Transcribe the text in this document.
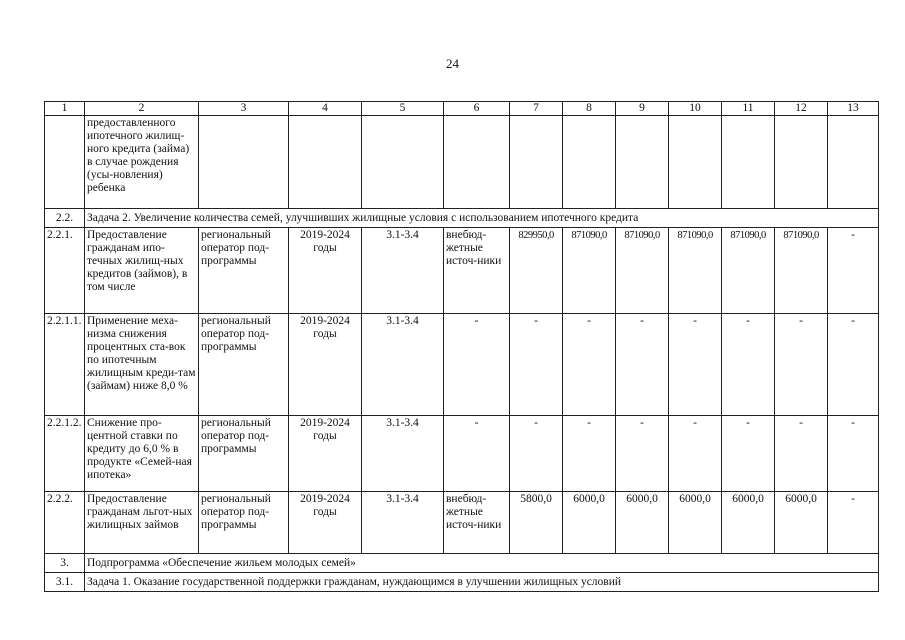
24
1	2	3	4	5	6	7	8	9	10	11	12	13
	предоставленного ипотечного жилищ-ного кредита (займа) в случае рождения (усы-новления) ребенка											
2.2.	Задача 2. Увеличение количества семей, улучшивших жилищные условия с использованием ипотечного кредита											
2.2.1.	Предоставление гражданам ипо-течных жилищ-ных кредитов (займов), в том числе	региональный оператор под-программы	2019-2024 годы	3.1-3.4	внебюд-жетные источ-ники	829950,0	871090,0	871090,0	871090,0	871090,0	871090,0	-
2.2.1.1.	Применение меха-низма снижения процентных ста-вок по ипотечным жилищным креди-там (займам) ниже 8,0 %	региональный оператор под-программы	2019-2024 годы	3.1-3.4	-	-	-	-	-	-	-	-
2.2.1.2.	Снижение про-центной ставки по кредиту до 6,0 % в продукте «Семей-ная ипотека»	региональный оператор под-программы	2019-2024 годы	3.1-3.4	-	-	-	-	-	-	-	-
2.2.2.	Предоставление гражданам льгот-ных жилищных займов	региональный оператор под-программы	2019-2024 годы	3.1-3.4	внебюд-жетные источ-ники	5800,0	6000,0	6000,0	6000,0	6000,0	6000,0	-
3.	Подпрограмма «Обеспечение жильем молодых семей»											
3.1.	Задача 1. Оказание государственной поддержки гражданам, нуждающимся в улучшении жилищных условий											
